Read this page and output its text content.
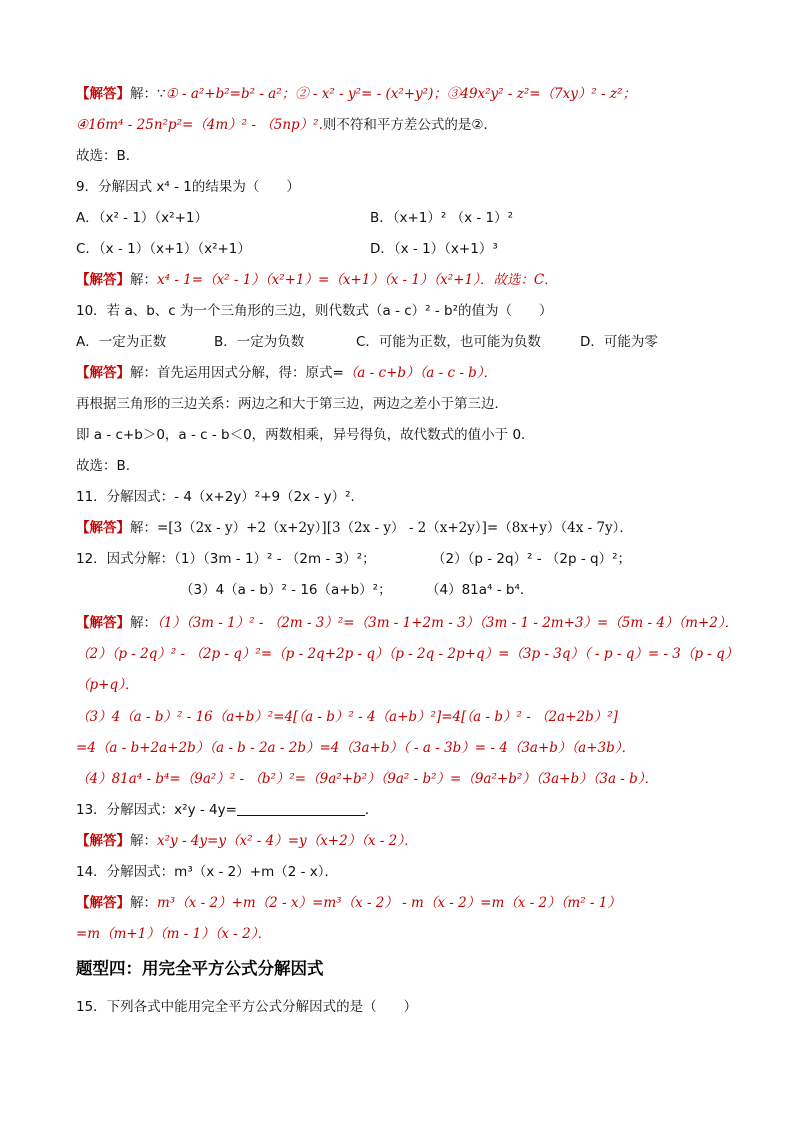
【解答】解：∵① - a²+b²=b² - a²；② - x² - y²= - (x²+y²)；③49x²y² - z²=（7xy）² - z²；
④16m⁴ - 25n²p²=（4m）² - （5np）².则不符和平方差公式的是②．
故选：B．
9．分解因式 x⁴ - 1的结果为（　　）
A．（x² - 1）（x²+1）	B．（x+1）² （x - 1）²
C．（x - 1）（x+1）（x²+1）	D．（x - 1）（x+1）³
【解答】解：x⁴ - 1=（x² - 1）（x²+1）=（x+1）（x - 1）（x²+1）．故选：C．
10．若 a、b、c 为一个三角形的三边，则代数式（a - c）² - b²的值为（　　）
A．一定为正数	B．一定为负数	C．可能为正数，也可能为负数	D．可能为零
【解答】解：首先运用因式分解，得：原式=（a - c+b）（a - c - b）．
再根据三角形的三边关系：两边之和大于第三边，两边之差小于第三边．
即 a - c+b＞0，a - c - b＜0，两数相乘，异号得负，故代数式的值小于 0．
故选：B．
11．分解因式：- 4（x+2y）²+9（2x - y）²．
【解答】解：=[3（2x - y）+2（x+2y）][3（2x - y） - 2（x+2y）]=（8x+y）（4x - 7y）．
12．因式分解：（1）（3m - 1）² - （2m - 3）²；	（2）（p - 2q）² - （2p - q）²；
（3）4（a - b）² - 16（a+b）²；	（4）81a⁴ - b⁴．
【解答】解：（1）（3m - 1）² - （2m - 3）²=（3m - 1+2m - 3）（3m - 1 - 2m+3）=（5m - 4）（m+2）．
（2）（p - 2q）² - （2p - q）²=（p - 2q+2p - q）（p - 2q - 2p+q）=（3p - 3q）（ - p - q）= - 3（p - q）
（p+q）．
（3）4（a - b）² - 16（a+b）²=4[（a - b）² - 4（a+b）²]=4[（a - b）² - （2a+2b）²]
=4（a - b+2a+2b）（a - b - 2a - 2b）=4（3a+b）（ - a - 3b）= - 4（3a+b）（a+3b）．
（4）81a⁴ - b⁴=（9a²）² - （b²）²=（9a²+b²）（9a² - b²）=（9a²+b²）（3a+b）（3a - b）．
13．分解因式：x²y - 4y=	．
【解答】解：x²y - 4y=y（x² - 4）=y（x+2）（x - 2）．
14．分解因式：m³（x - 2）+m（2 - x）．
【解答】解：m³（x - 2）+m（2 - x）=m³（x - 2） - m（x - 2）=m（x - 2）（m² - 1）
=m（m+1）（m - 1）（x - 2）．
题型四：用完全平方公式分解因式
15．下列各式中能用完全平方公式分解因式的是（　　）
